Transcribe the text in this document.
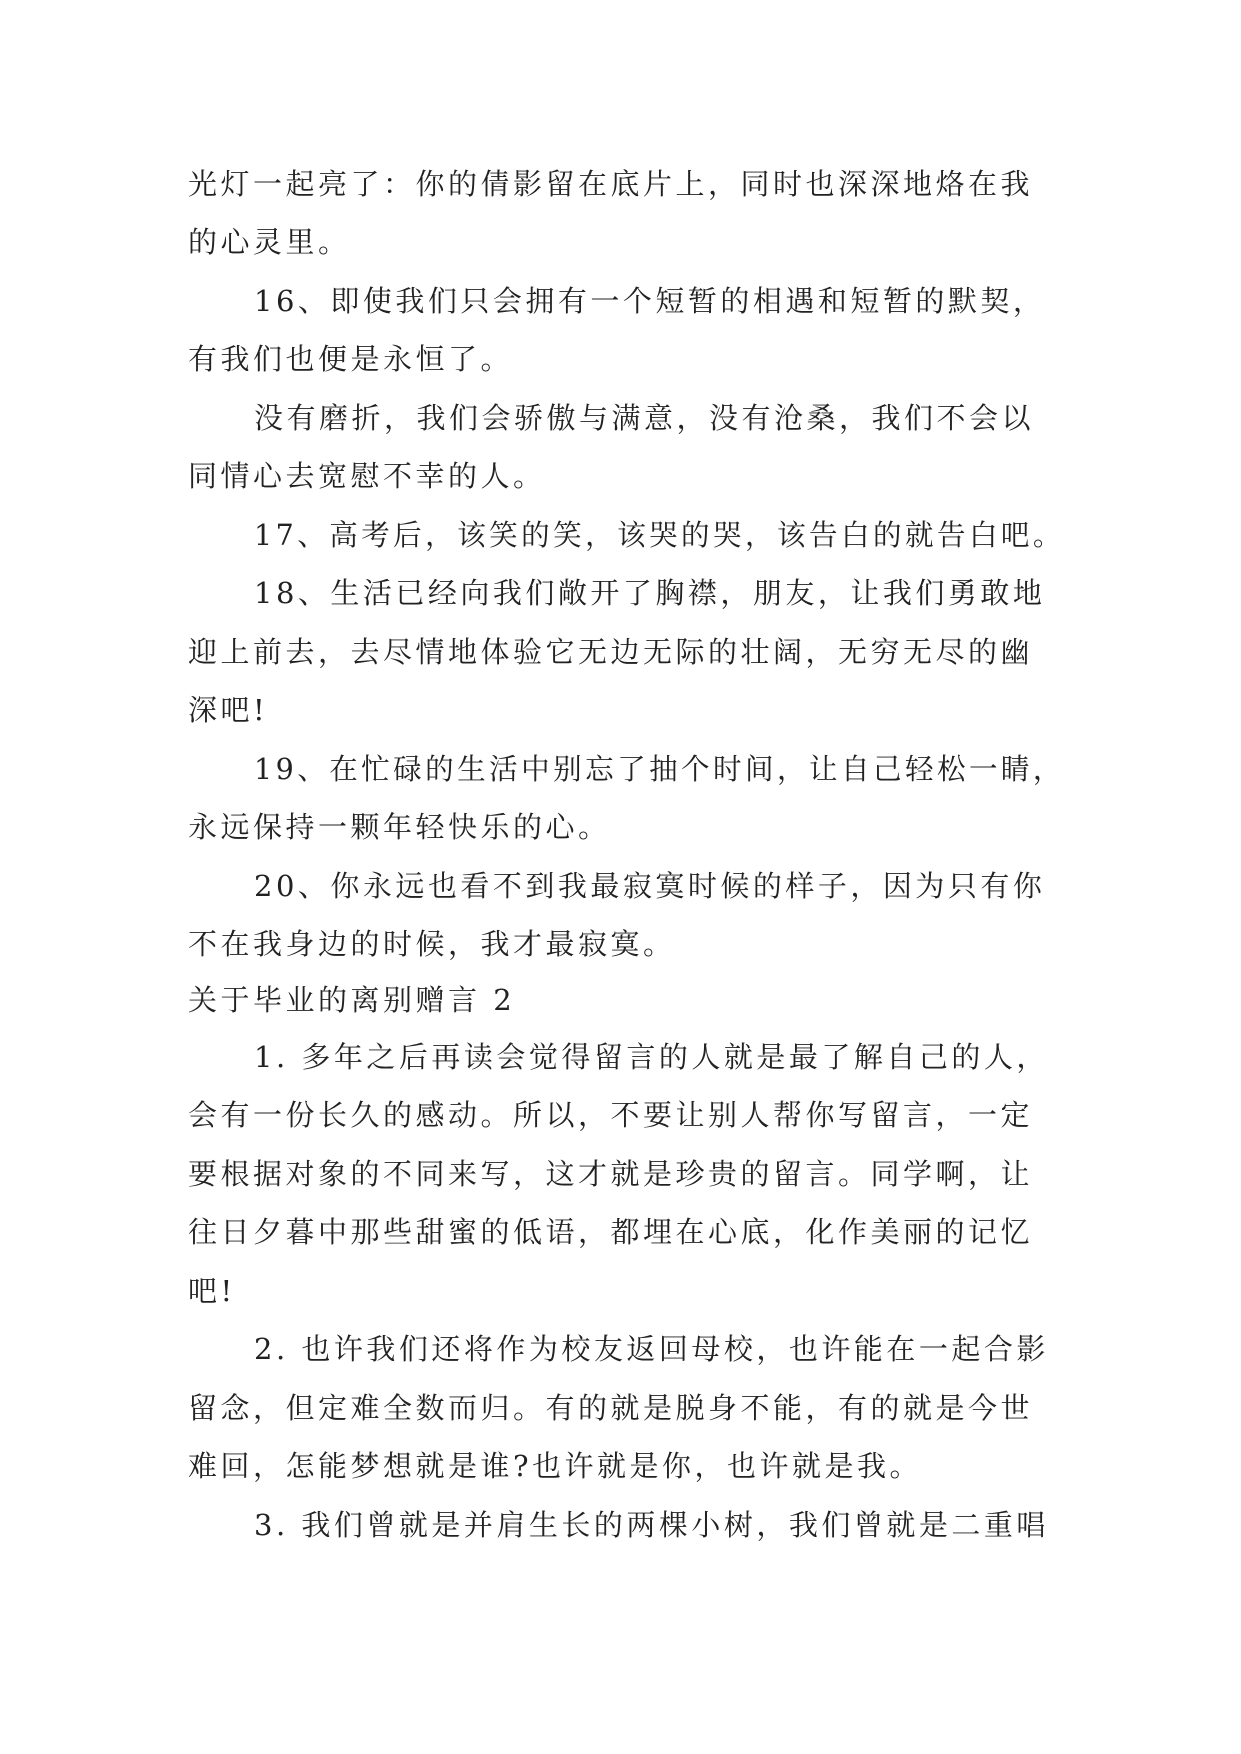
光灯一起亮了：你的倩影留在底片上，同时也深深地烙在我
的心灵里。
16、即使我们只会拥有一个短暂的相遇和短暂的默契，
有我们也便是永恒了。
没有磨折，我们会骄傲与满意，没有沧桑，我们不会以
同情心去宽慰不幸的人。
17、高考后，该笑的笑，该哭的哭，该告白的就告白吧。
18、生活已经向我们敞开了胸襟，朋友，让我们勇敢地
迎上前去，去尽情地体验它无边无际的壮阔，无穷无尽的幽
深吧!
19、在忙碌的生活中别忘了抽个时间，让自己轻松一睛，
永远保持一颗年轻快乐的心。
20、你永远也看不到我最寂寞时候的样子，因为只有你
不在我身边的时候，我才最寂寞。
关于毕业的离别赠言 2
1. 多年之后再读会觉得留言的人就是最了解自己的人，
会有一份长久的感动。所以，不要让别人帮你写留言，一定
要根据对象的不同来写，这才就是珍贵的留言。同学啊，让
往日夕暮中那些甜蜜的低语，都埋在心底，化作美丽的记忆
吧!
2. 也许我们还将作为校友返回母校，也许能在一起合影
留念，但定难全数而归。有的就是脱身不能，有的就是今世
难回，怎能梦想就是谁?也许就是你，也许就是我。
3. 我们曾就是并肩生长的两棵小树，我们曾就是二重唱
